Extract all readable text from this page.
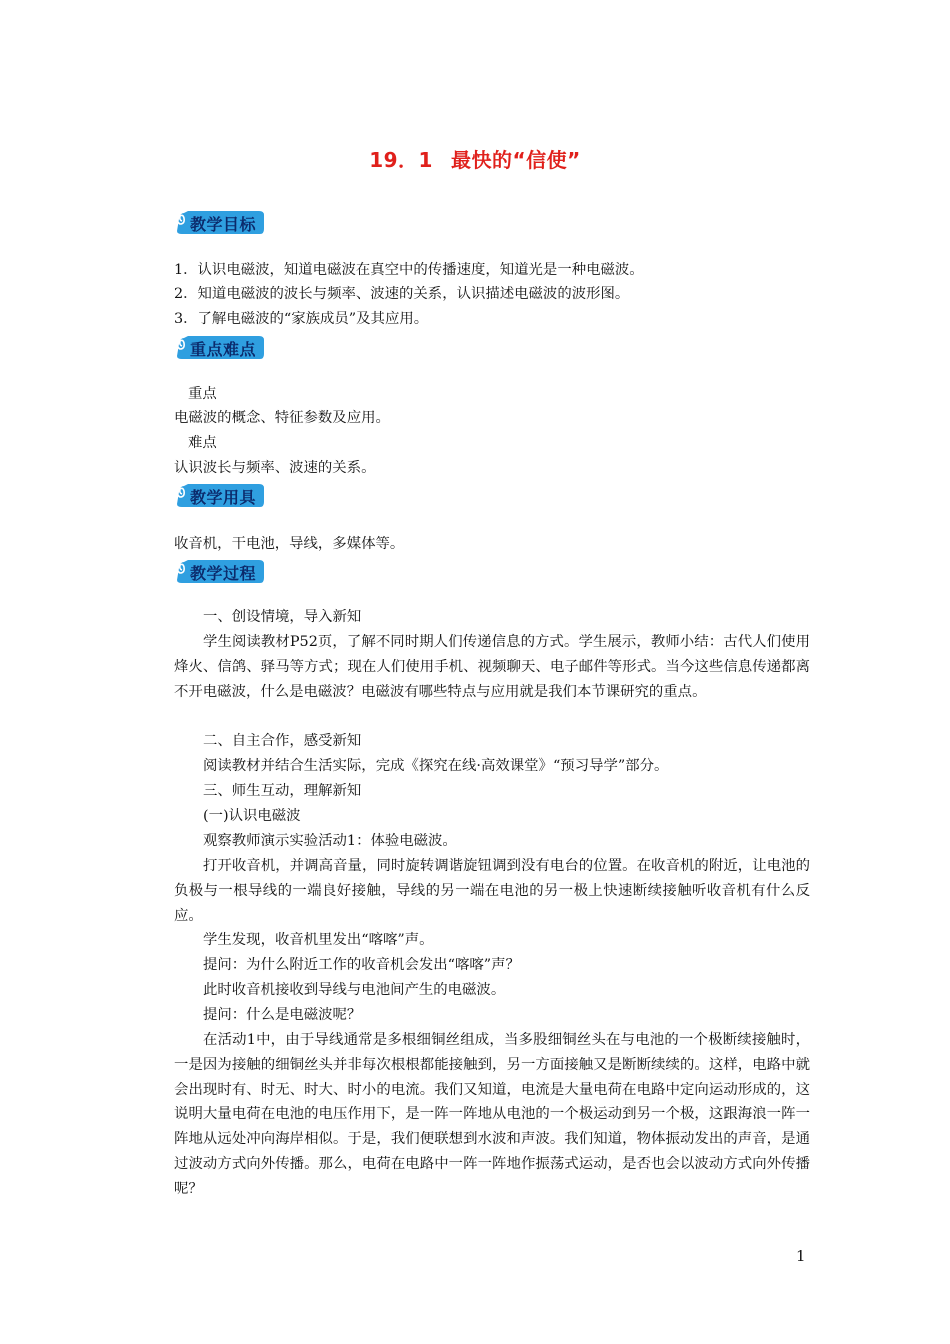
19．1 最快的“信使”
教学目标
1．认识电磁波，知道电磁波在真空中的传播速度，知道光是一种电磁波。
2．知道电磁波的波长与频率、波速的关系，认识描述电磁波的波形图。
3．了解电磁波的“家族成员”及其应用。
重点难点
重点
电磁波的概念、特征参数及应用。
难点
认识波长与频率、波速的关系。
教学用具
收音机，干电池，导线，多媒体等。
教学过程
一、创设情境，导入新知
学生阅读教材P52页，了解不同时期人们传递信息的方式。学生展示，教师小结：古代人们使用烽火、信鸽、驿马等方式；现在人们使用手机、视频聊天、电子邮件等形式。当今这些信息传递都离不开电磁波，什么是电磁波？电磁波有哪些特点与应用就是我们本节课研究的重点。
二、自主合作，感受新知
阅读教材并结合生活实际，完成《探究在线·高效课堂》“预习导学”部分。
三、师生互动，理解新知
(一)认识电磁波
观察教师演示实验活动1：体验电磁波。
打开收音机，并调高音量，同时旋转调谐旋钮调到没有电台的位置。在收音机的附近，让电池的负极与一根导线的一端良好接触，导线的另一端在电池的另一极上快速断续接触听收音机有什么反应。
学生发现，收音机里发出“喀喀”声。
提问：为什么附近工作的收音机会发出“喀喀”声？
此时收音机接收到导线与电池间产生的电磁波。
提问：什么是电磁波呢？
在活动1中，由于导线通常是多根细铜丝组成，当多股细铜丝头在与电池的一个极断续接触时，一是因为接触的细铜丝头并非每次根根都能接触到，另一方面接触又是断断续续的。这样，电路中就会出现时有、时无、时大、时小的电流。我们又知道，电流是大量电荷在电路中定向运动形成的，这说明大量电荷在电池的电压作用下，是一阵一阵地从电池的一个极运动到另一个极，这跟海浪一阵一阵地从远处冲向海岸相似。于是，我们便联想到水波和声波。我们知道，物体振动发出的声音，是通过波动方式向外传播。那么，电荷在电路中一阵一阵地作振荡式运动，是否也会以波动方式向外传播呢？
1
